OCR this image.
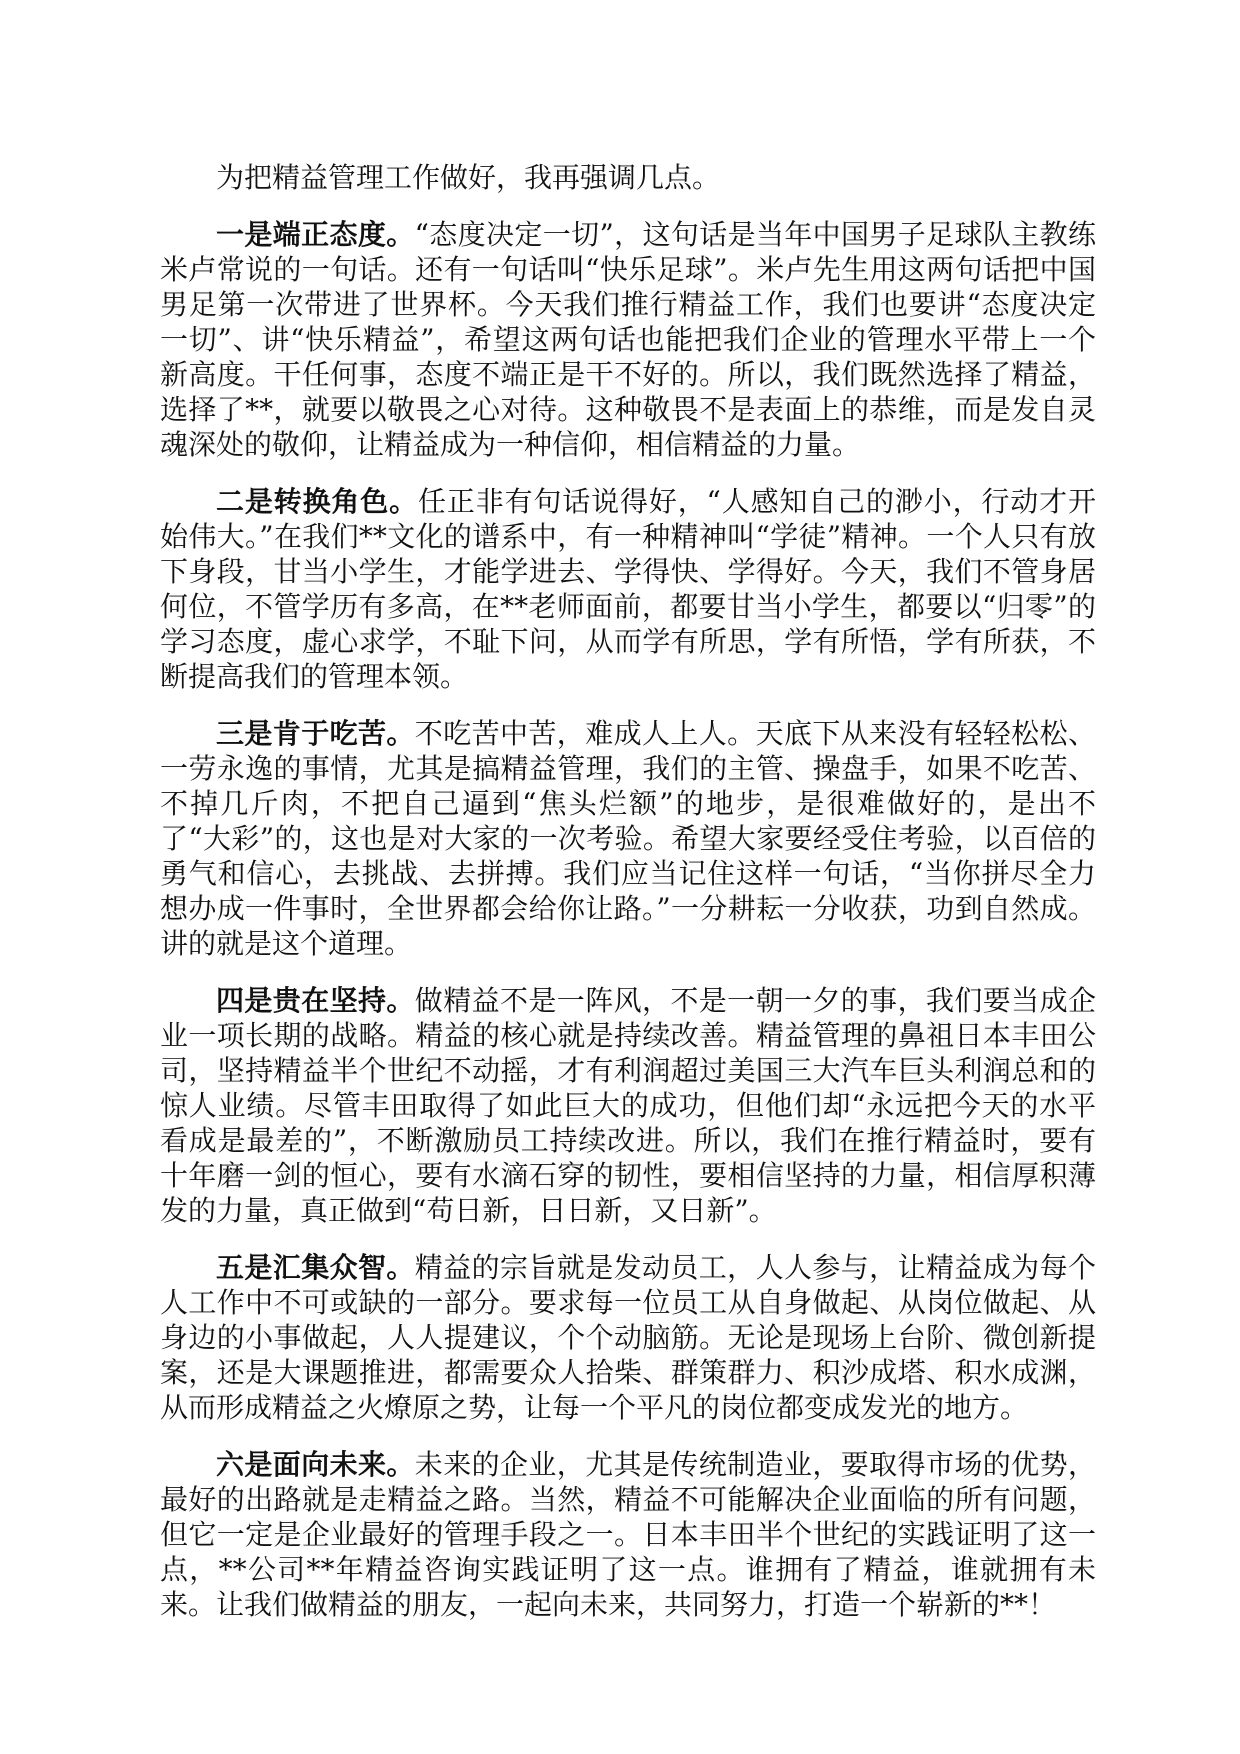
为把精益管理工作做好，我再强调几点。

一是端正态度。“态度决定一切”，这句话是当年中国男子足球队主教练米卢常说的一句话。还有一句话叫“快乐足球”。米卢先生用这两句话把中国男足第一次带进了世界杯。今天我们推行精益工作，我们也要讲“态度决定一切”、讲“快乐精益”，希望这两句话也能把我们企业的管理水平带上一个新高度。干任何事，态度不端正是干不好的。所以，我们既然选择了精益，选择了**，就要以敬畏之心对待。这种敬畏不是表面上的恭维，而是发自灵魂深处的敬仰，让精益成为一种信仰，相信精益的力量。

二是转换角色。任正非有句话说得好，“人感知自己的渺小，行动才开始伟大。”在我们**文化的谱系中，有一种精神叫“学徒”精神。一个人只有放下身段，甘当小学生，才能学进去、学得快、学得好。今天，我们不管身居何位，不管学历有多高，在**老师面前，都要甘当小学生，都要以“归零”的学习态度，虚心求学，不耻下问，从而学有所思，学有所悟，学有所获，不断提高我们的管理本领。

三是肯于吃苦。不吃苦中苦，难成人上人。天底下从来没有轻轻松松、一劳永逸的事情，尤其是搞精益管理，我们的主管、操盘手，如果不吃苦、不掉几斤肉，不把自己逼到“焦头烂额”的地步，是很难做好的，是出不了“大彩”的，这也是对大家的一次考验。希望大家要经受住考验，以百倍的勇气和信心，去挑战、去拼搏。我们应当记住这样一句话，“当你拼尽全力想办成一件事时，全世界都会给你让路。”一分耕耘一分收获，功到自然成。讲的就是这个道理。

四是贵在坚持。做精益不是一阵风，不是一朝一夕的事，我们要当成企业一项长期的战略。精益的核心就是持续改善。精益管理的鼻祖日本丰田公司，坚持精益半个世纪不动摇，才有利润超过美国三大汽车巨头利润总和的惊人业绩。尽管丰田取得了如此巨大的成功，但他们却“永远把今天的水平看成是最差的”，不断激励员工持续改进。所以，我们在推行精益时，要有十年磨一剑的恒心，要有水滴石穿的韧性，要相信坚持的力量，相信厚积薄发的力量，真正做到“苟日新，日日新，又日新”。

五是汇集众智。精益的宗旨就是发动员工，人人参与，让精益成为每个人工作中不可或缺的一部分。要求每一位员工从自身做起、从岗位做起、从身边的小事做起，人人提建议，个个动脑筋。无论是现场上台阶、微创新提案，还是大课题推进，都需要众人拾柴、群策群力、积沙成塔、积水成渊，从而形成精益之火燎原之势，让每一个平凡的岗位都变成发光的地方。

六是面向未来。未来的企业，尤其是传统制造业，要取得市场的优势，最好的出路就是走精益之路。当然，精益不可能解决企业面临的所有问题，但它一定是企业最好的管理手段之一。日本丰田半个世纪的实践证明了这一点，**公司**年精益咨询实践证明了这一点。谁拥有了精益，谁就拥有未来。让我们做精益的朋友，一起向未来，共同努力，打造一个崭新的**！
